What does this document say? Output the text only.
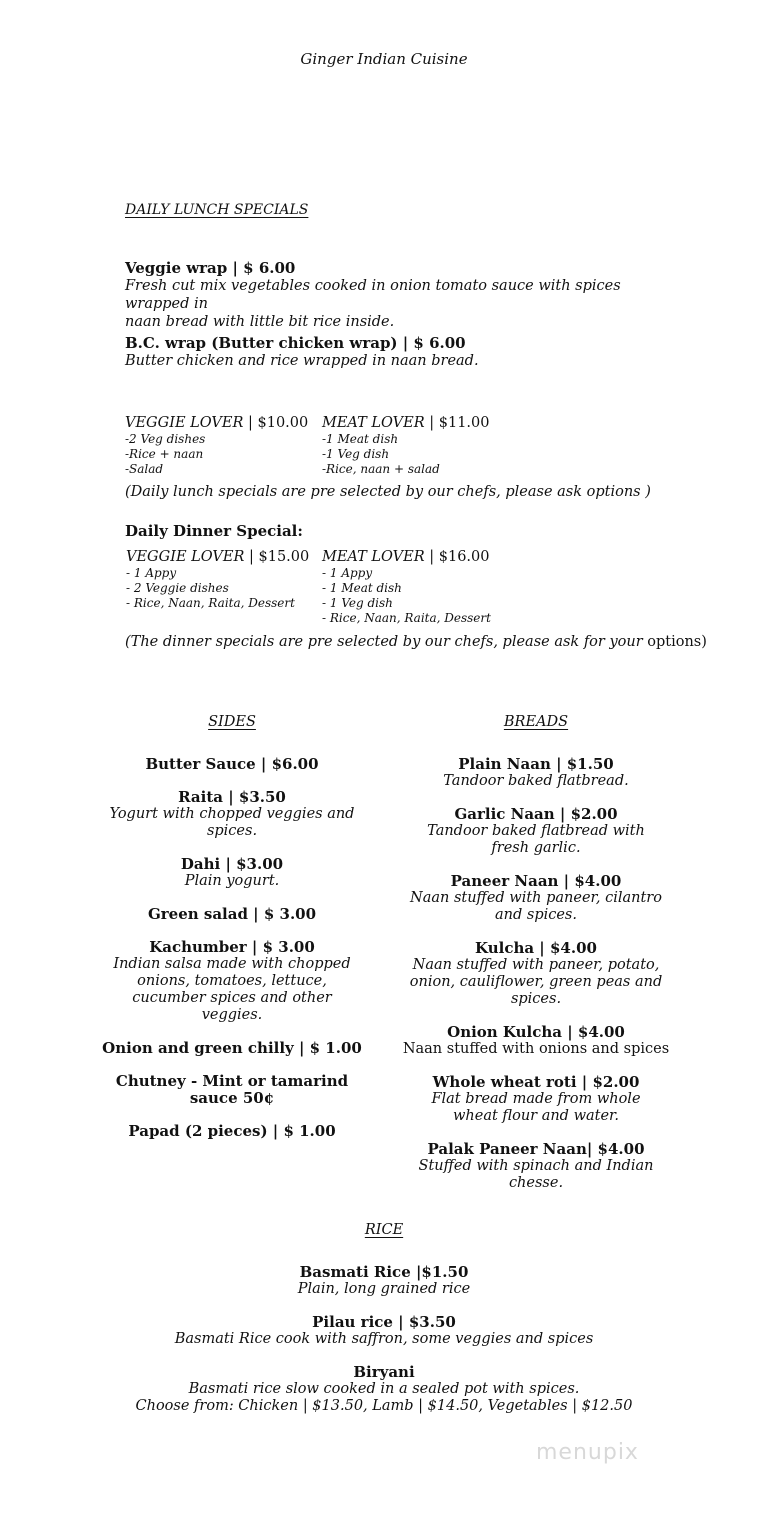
Ginger Indian Cuisine
DAILY LUNCH SPECIALS
Veggie wrap | $ 6.00
Fresh cut mix vegetables cooked in onion tomato sauce with spices wrapped in
naan bread with little bit rice inside.
B.C. wrap (Butter chicken wrap) | $ 6.00
Butter chicken and rice wrapped in naan bread.
VEGGIE LOVER | $10.00
-2 Veg dishes
-Rice + naan
-Salad
MEAT LOVER | $11.00
-1 Meat dish
-1 Veg dish
-Rice, naan + salad
(Daily lunch specials are pre selected by our chefs, please ask options )
Daily Dinner Special:
VEGGIE LOVER | $15.00
- 1 Appy
- 2 Veggie dishes
- Rice, Naan, Raita, Dessert
MEAT LOVER | $16.00
- 1 Appy
- 1 Meat dish
- 1 Veg dish
- Rice, Naan, Raita, Dessert
(The dinner specials are pre selected by our chefs, please ask for your options)
SIDES
Butter Sauce | $6.00
Raita | $3.50
Yogurt with chopped veggies and spices.
Dahi | $3.00
Plain yogurt.
Green salad | $ 3.00
Kachumber | $ 3.00
Indian salsa made with chopped onions, tomatoes, lettuce, cucumber spices and other veggies.
Onion and green chilly | $ 1.00
Chutney - Mint or tamarind sauce 50¢
Papad (2 pieces) | $ 1.00
BREADS
Plain Naan | $1.50
Tandoor baked flatbread.
Garlic Naan | $2.00
Tandoor baked flatbread with fresh garlic.
Paneer Naan | $4.00
Naan stuffed with paneer, cilantro and spices.
Kulcha | $4.00
Naan stuffed with paneer, potato, onion, cauliflower, green peas and spices.
Onion Kulcha | $4.00
Naan stuffed with onions and spices
Whole wheat roti | $2.00
Flat bread made from whole wheat flour and water.
Palak Paneer Naan| $4.00
Stuffed with spinach and Indian chesse.
RICE
Basmati Rice |$1.50
Plain, long grained rice
Pilau rice | $3.50
Basmati Rice cook with saffron, some veggies and spices
Biryani
Basmati rice slow cooked in a sealed pot with spices.
Choose from: Chicken | $13.50, Lamb | $14.50, Vegetables | $12.50
menupix
